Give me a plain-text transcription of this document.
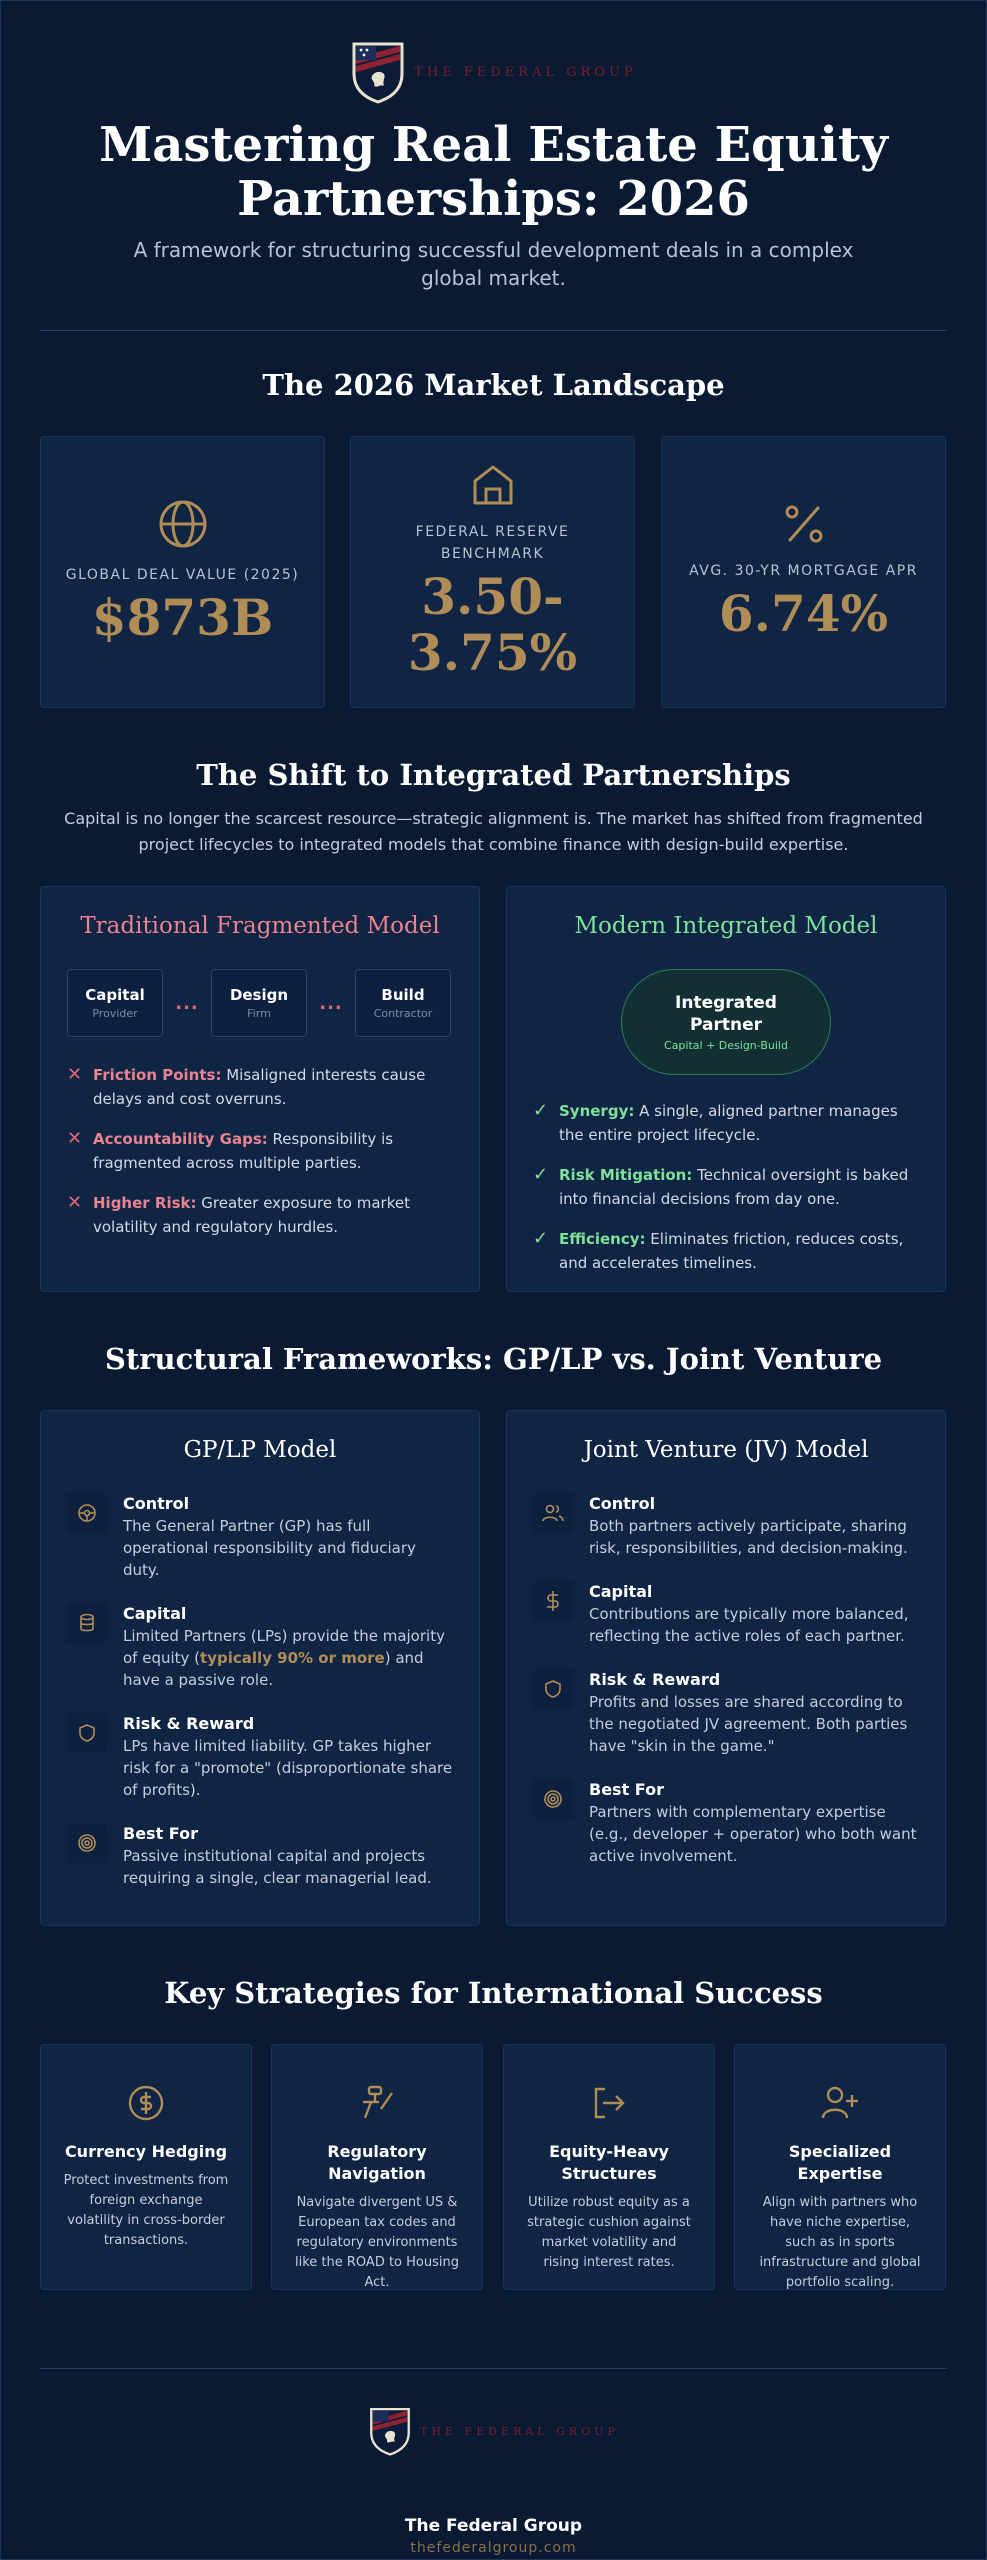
THE FEDERAL GROUP
Mastering Real Estate Equity Partnerships: 2026

A framework for structuring successful development deals in a complex global market.

The 2026 Market Landscape
GLOBAL DEAL VALUE (2025)
$873B
FEDERAL RESERVE BENCHMARK
3.50-3.75%
AVG. 30-YR MORTGAGE APR
6.74%
The Shift to Integrated Partnerships

Capital is no longer the scarcest resource—strategic alignment is. The market has shifted from fragmented project lifecycles to integrated models that combine finance with design-build expertise.

Traditional Fragmented Model
Capital
Provider	...	Design
Firm	...	Build
Contractor
✕ Friction Points: Misaligned interests cause delays and cost overruns.
✕ Accountability Gaps: Responsibility is fragmented across multiple parties.
✕ Higher Risk: Greater exposure to market volatility and regulatory hurdles.
Modern Integrated Model
Integrated Partner
Capital + Design-Build
✓ Synergy: A single, aligned partner manages the entire project lifecycle.
✓ Risk Mitigation: Technical oversight is baked into financial decisions from day one.
✓ Efficiency: Eliminates friction, reduces costs, and accelerates timelines.
Structural Frameworks: GP/LP vs. Joint Venture
GP/LP Model
Control
The General Partner (GP) has full operational responsibility and fiduciary duty.
Capital
Limited Partners (LPs) provide the majority of equity (typically 90% or more) and have a passive role.
Risk & Reward
LPs have limited liability. GP takes higher risk for a "promote" (disproportionate share of profits).
Best For
Passive institutional capital and projects requiring a single, clear managerial lead.
Joint Venture (JV) Model
Control
Both partners actively participate, sharing risk, responsibilities, and decision-making.
Capital
Contributions are typically more balanced, reflecting the active roles of each partner.
Risk & Reward
Profits and losses are shared according to the negotiated JV agreement. Both parties have "skin in the game."
Best For
Partners with complementary expertise (e.g., developer + operator) who both want active involvement.
Key Strategies for International Success
Currency Hedging
Protect investments from foreign exchange volatility in cross-border transactions.
Regulatory Navigation
Navigate divergent US & European tax codes and regulatory environments like the ROAD to Housing Act.
Equity-Heavy Structures
Utilize robust equity as a strategic cushion against market volatility and rising interest rates.
Specialized Expertise
Align with partners who have niche expertise, such as in sports infrastructure and global portfolio scaling.
THE FEDERAL GROUP
The Federal Group
thefederalgroup.com
